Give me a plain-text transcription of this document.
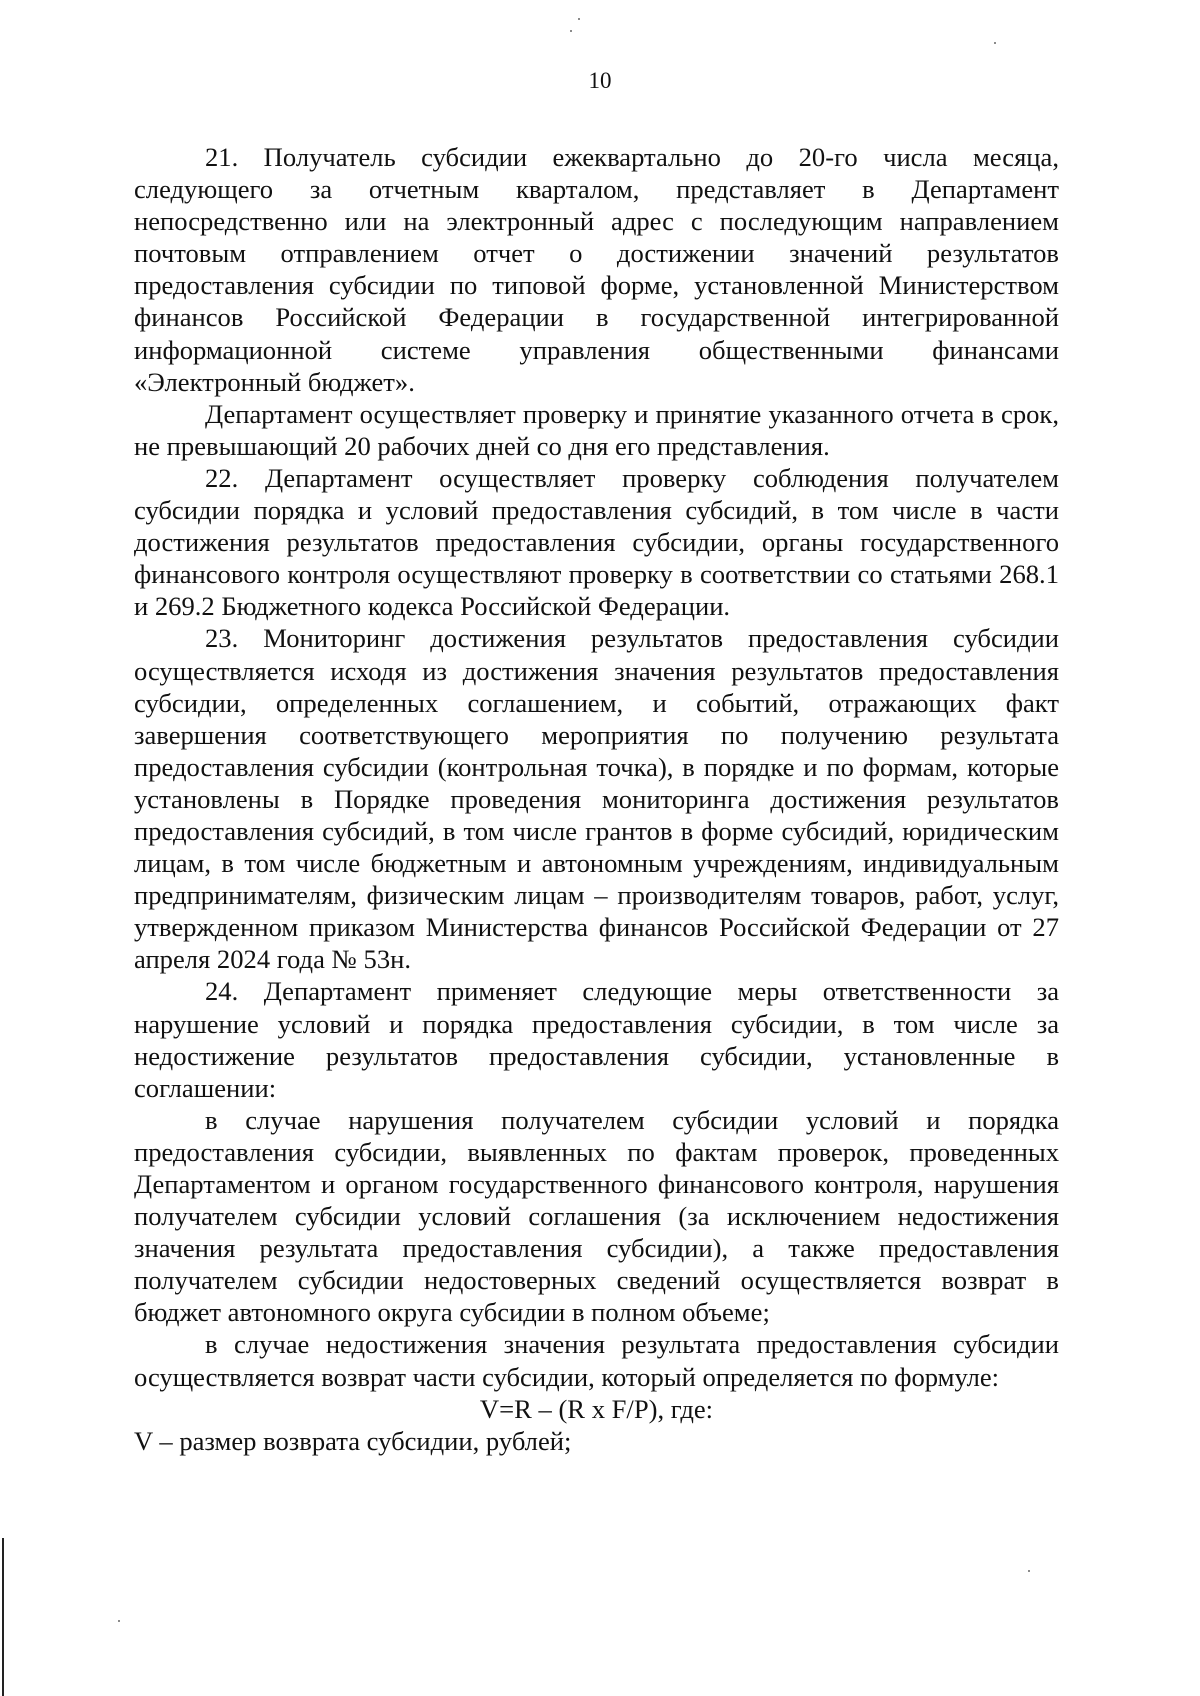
10

21. Получатель субсидии ежеквартально до 20-го числа месяца, следующего за отчетным кварталом, представляет в Департамент непосредственно или на электронный адрес с последующим направлением почтовым отправлением отчет о достижении значений результатов предоставления субсидии по типовой форме, установленной Министерством финансов Российской Федерации в государственной интегрированной информационной системе управления общественными финансами «Электронный бюджет».

Департамент осуществляет проверку и принятие указанного отчета в срок, не превышающий 20 рабочих дней со дня его представления.

22. Департамент осуществляет проверку соблюдения получателем субсидии порядка и условий предоставления субсидий, в том числе в части достижения результатов предоставления субсидии, органы государственного финансового контроля осуществляют проверку в соответствии со статьями 268.1 и 269.2 Бюджетного кодекса Российской Федерации.

23. Мониторинг достижения результатов предоставления субсидии осуществляется исходя из достижения значения результатов предоставления субсидии, определенных соглашением, и событий, отражающих факт завершения соответствующего мероприятия по получению результата предоставления субсидии (контрольная точка), в порядке и по формам, которые установлены в Порядке проведения мониторинга достижения результатов предоставления субсидий, в том числе грантов в форме субсидий, юридическим лицам, в том числе бюджетным и автономным учреждениям, индивидуальным предпринимателям, физическим лицам – производителям товаров, работ, услуг, утвержденном приказом Министерства финансов Российской Федерации от 27 апреля 2024 года № 53н.

24. Департамент применяет следующие меры ответственности за нарушение условий и порядка предоставления субсидии, в том числе за недостижение результатов предоставления субсидии, установленные в соглашении:

в случае нарушения получателем субсидии условий и порядка предоставления субсидии, выявленных по фактам проверок, проведенных Департаментом и органом государственного финансового контроля, нарушения получателем субсидии условий соглашения (за исключением недостижения значения результата предоставления субсидии), а также предоставления получателем субсидии недостоверных сведений осуществляется возврат в бюджет автономного округа субсидии в полном объеме;

в случае недостижения значения результата предоставления субсидии осуществляется возврат части субсидии, который определяется по формуле:

V=R – (R x F/P), где:

V – размер возврата субсидии, рублей;
